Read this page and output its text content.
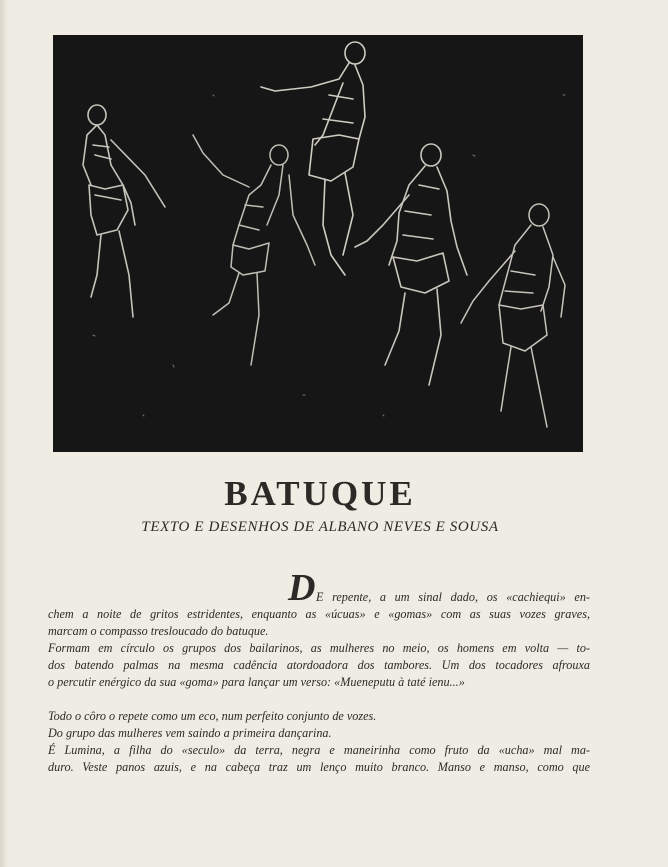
BATUQUE
TEXTO E DESENHOS DE ALBANO NEVES E SOUSA
D E repente, a um sinal dado, os «cachiequi» en-
chem a noite de gritos estridentes, enquanto as «úcuas» e «gomas» com as suas vozes graves,
marcam o compasso tresloucado do batuque.
Formam em círculo os grupos dos bailarinos, as mulheres no meio, os homens em volta — to-
dos batendo palmas na mesma cadência atordoadora dos tambores. Um dos tocadores afrouxa
o percutir enérgico da sua «goma» para lançar um verso: «Mueneputu à taté ienu...»
Todo o côro o repete como um eco, num perfeito conjunto de vozes.
Do grupo das mulheres vem saindo a primeira dançarina.
É Lumina, a filha do «seculo» da terra, negra e maneirinha como fruto da «ucha» mal ma-
duro. Veste panos azuis, e na cabeça traz um lenço muito branco. Manso e manso, como que
